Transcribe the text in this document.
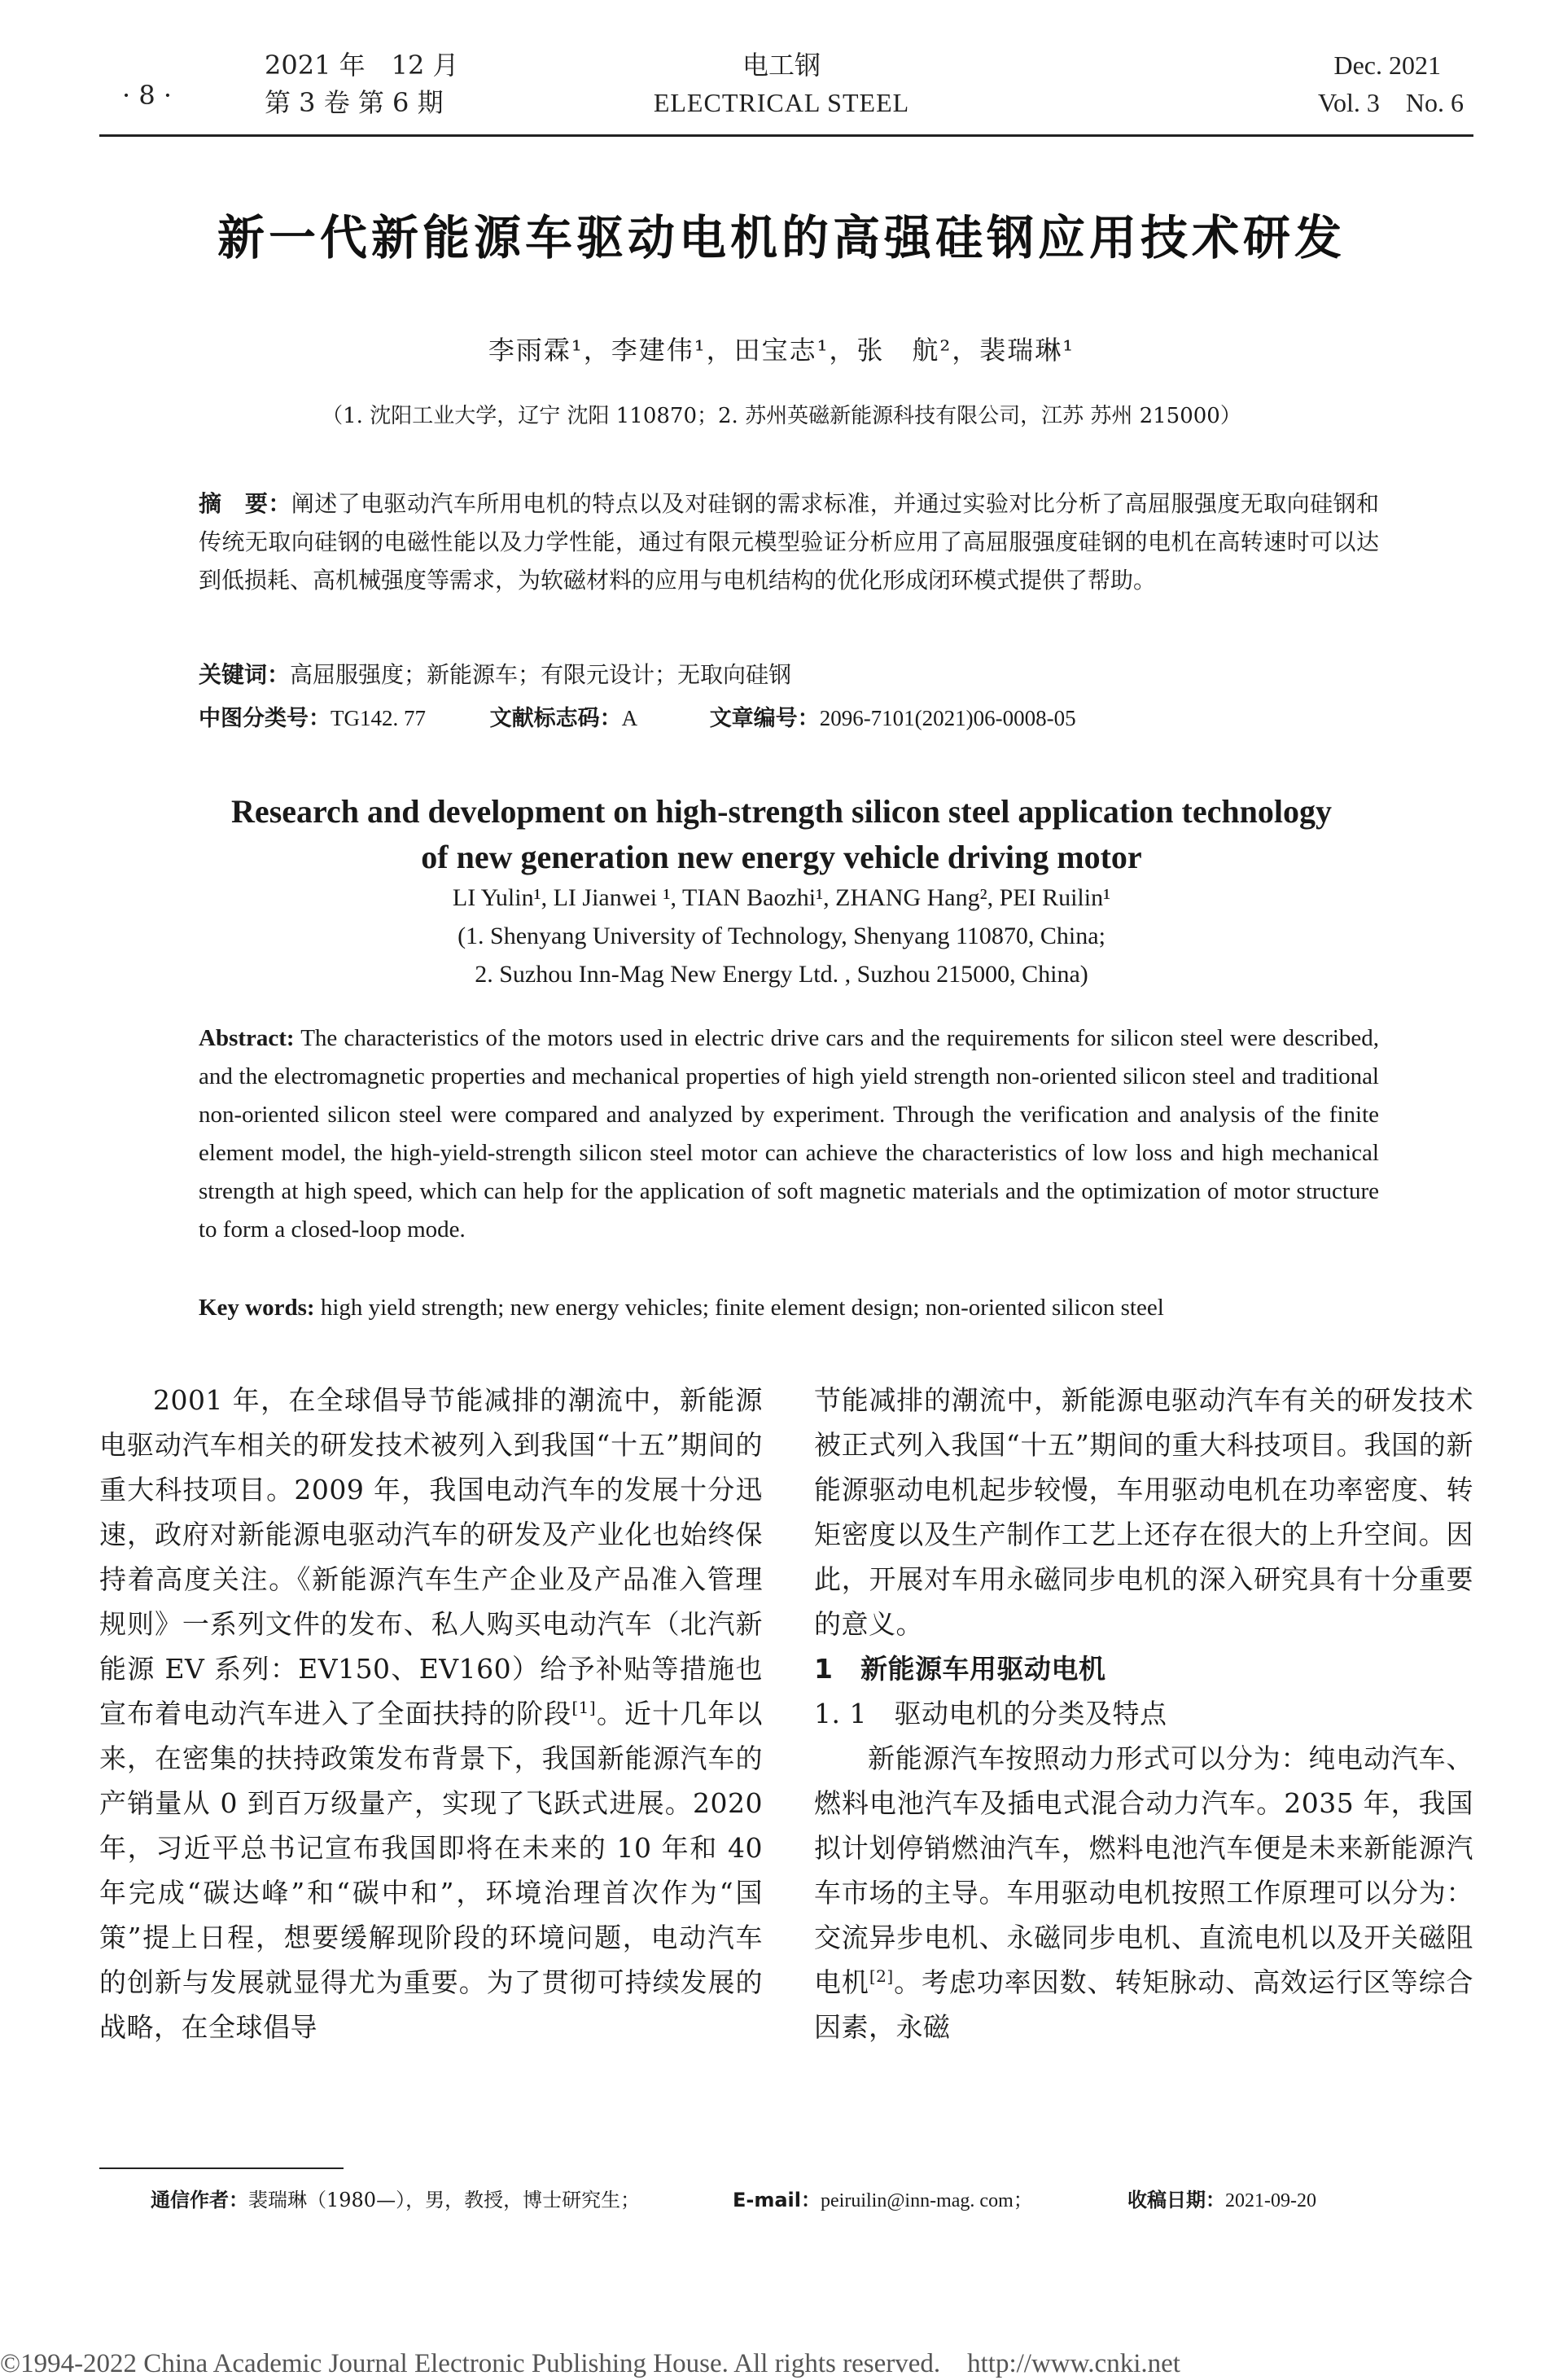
· 8 ·
2021 年　12 月
第 3 卷 第 6 期
电工钢
ELECTRICAL STEEL
Dec. 2021
Vol. 3　No. 6
新一代新能源车驱动电机的高强硅钢应用技术研发
李雨霖¹，李建伟¹，田宝志¹，张　航²，裴瑞琳¹
（1. 沈阳工业大学，辽宁 沈阳 110870；2. 苏州英磁新能源科技有限公司，江苏 苏州 215000）
摘　要：阐述了电驱动汽车所用电机的特点以及对硅钢的需求标准，并通过实验对比分析了高屈服强度无取向硅钢和传统无取向硅钢的电磁性能以及力学性能，通过有限元模型验证分析应用了高屈服强度硅钢的电机在高转速时可以达到低损耗、高机械强度等需求，为软磁材料的应用与电机结构的优化形成闭环模式提供了帮助。
关键词：高屈服强度；新能源车；有限元设计；无取向硅钢
中图分类号：TG142. 77	文献标志码：A	文章编号：2096-7101(2021)06-0008-05
Research and development on high-strength silicon steel application technology
of new generation new energy vehicle driving motor
LI Yulin¹, LI Jianwei ¹, TIAN Baozhi¹, ZHANG Hang², PEI Ruilin¹
(1. Shenyang University of Technology, Shenyang 110870, China;
2. Suzhou Inn-Mag New Energy Ltd. , Suzhou 215000, China)
Abstract: The characteristics of the motors used in electric drive cars and the requirements for silicon steel were described, and the electromagnetic properties and mechanical properties of high yield strength non-oriented silicon steel and traditional non-oriented silicon steel were compared and analyzed by experiment. Through the verification and analysis of the finite element model, the high-yield-strength silicon steel motor can achieve the characteristics of low loss and high mechanical strength at high speed, which can help for the application of soft magnetic materials and the optimization of motor structure to form a closed-loop mode.
Key words: high yield strength; new energy vehicles; finite element design; non-oriented silicon steel

2001 年，在全球倡导节能减排的潮流中，新能源电驱动汽车相关的研发技术被列入到我国“十五”期间的重大科技项目。2009 年，我国电动汽车的发展十分迅速，政府对新能源电驱动汽车的研发及产业化也始终保持着高度关注。《新能源汽车生产企业及产品准入管理规则》一系列文件的发布、私人购买电动汽车（北汽新能源 EV 系列：EV150、EV160）给予补贴等措施也宣布着电动汽车进入了全面扶持的阶段[1]。近十几年以来，在密集的扶持政策发布背景下，我国新能源汽车的产销量从 0 到百万级量产，实现了飞跃式进展。2020 年，习近平总书记宣布我国即将在未来的 10 年和 40 年完成“碳达峰”和“碳中和”，环境治理首次作为“国策”提上日程，想要缓解现阶段的环境问题，电动汽车的创新与发展就显得尤为重要。为了贯彻可持续发展的战略，在全球倡导

节能减排的潮流中，新能源电驱动汽车有关的研发技术被正式列入我国“十五”期间的重大科技项目。我国的新能源驱动电机起步较慢，车用驱动电机在功率密度、转矩密度以及生产制作工艺上还存在很大的上升空间。因此，开展对车用永磁同步电机的深入研究具有十分重要的意义。

1　新能源车用驱动电机

1. 1　驱动电机的分类及特点

新能源汽车按照动力形式可以分为：纯电动汽车、燃料电池汽车及插电式混合动力汽车。2035 年，我国拟计划停销燃油汽车，燃料电池汽车便是未来新能源汽车市场的主导。车用驱动电机按照工作原理可以分为：交流异步电机、永磁同步电机、直流电机以及开关磁阻电机[2]。考虑功率因数、转矩脉动、高效运行区等综合因素，永磁

通信作者：裴瑞琳（1980—），男，教授，博士研究生；	E-mail：peiruilin@inn-mag. com；	收稿日期：2021-09-20
©1994-2022 China Academic Journal Electronic Publishing House. All rights reserved.　http://www.cnki.net
